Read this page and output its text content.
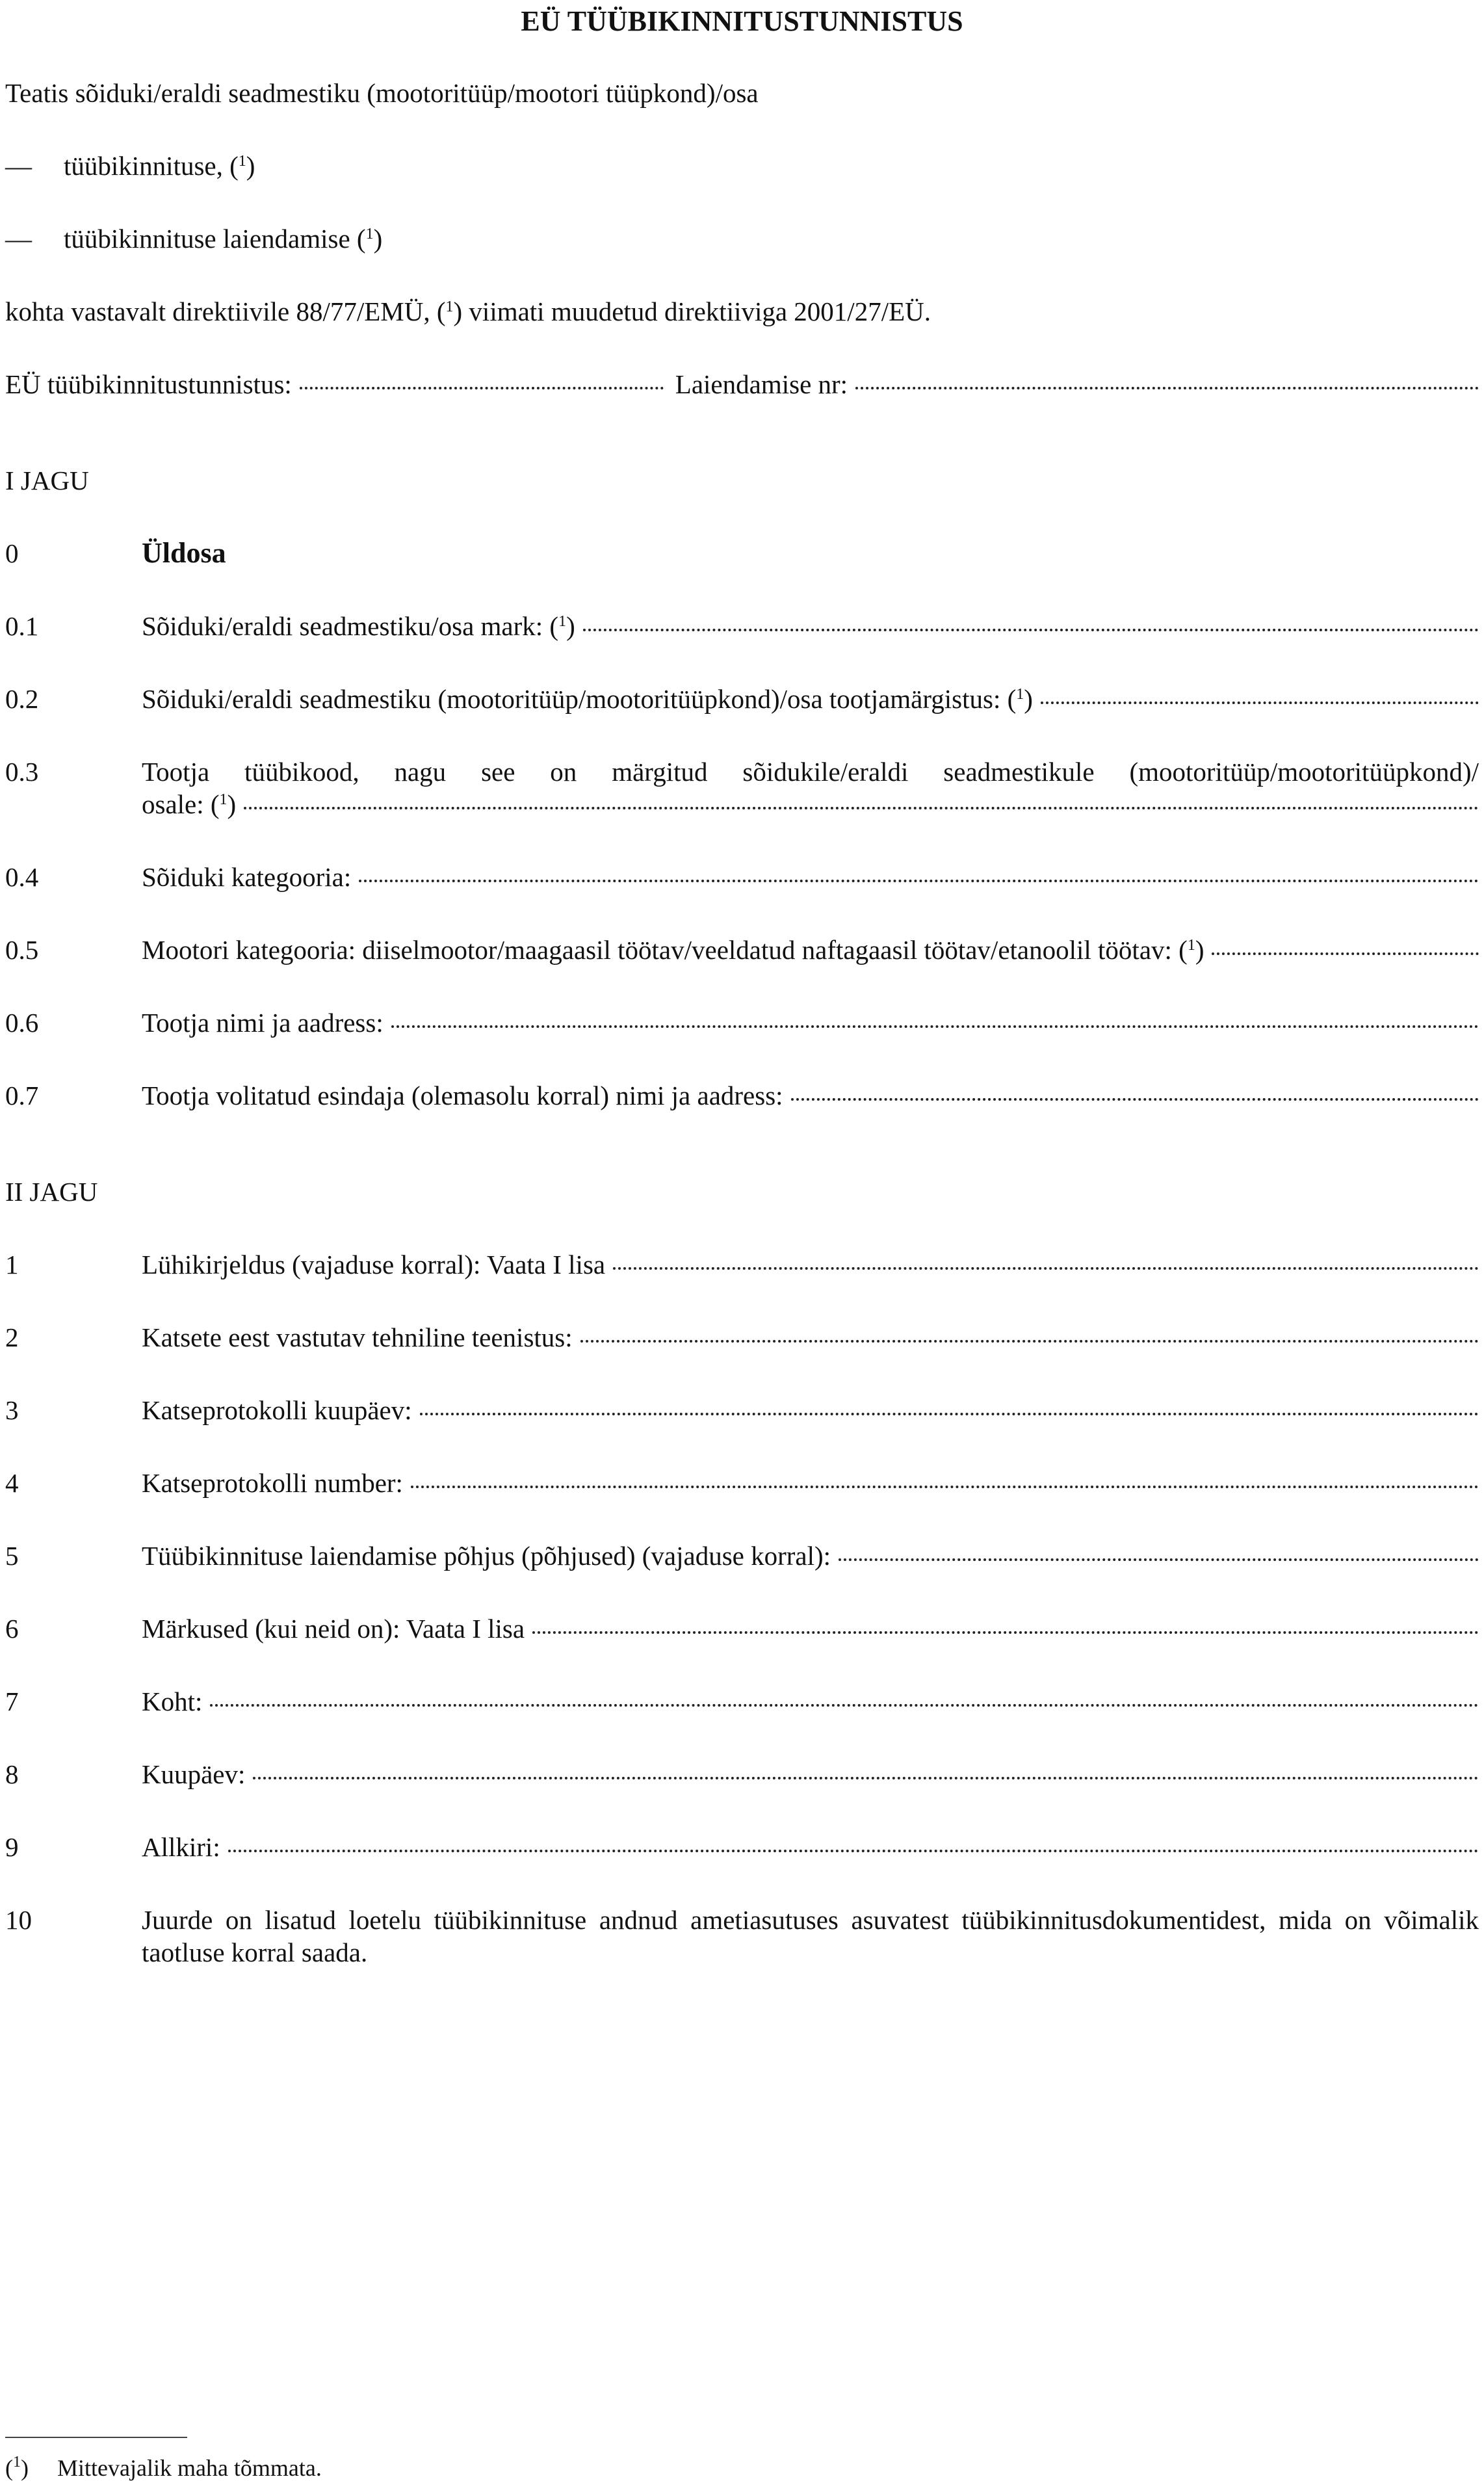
EÜ TÜÜBIKINNITUSTUNNISTUS
Teatis sõiduki/eraldi seadmestiku (mootoritüüp/mootori tüüpkond)/osa
— tüübikinnituse, ($^1$)
— tüübikinnituse laiendamise ($^1$)
kohta vastavalt direktiivile 88/77/EMÜ, ($^1$) viimati muudetud direktiiviga 2001/27/EÜ.
EÜ tüübikinnitustunnistus:	Laiendamise nr:
I JAGU
0	Üldosa
0.1	Sõiduki/eraldi seadmestiku/osa mark: ($^1$)
0.2	Sõiduki/eraldi seadmestiku (mootoritüüp/mootoritüüpkond)/osa tootjamärgistus: ($^1$)
0.3	Tootja tüübikood, nagu see on märgitud sõidukile/eraldi seadmestikule (mootoritüüp/mootoritüüpkond)/
osale: ($^1$)
0.4	Sõiduki kategooria:
0.5	Mootori kategooria: diiselmootor/maagaasil töötav/veeldatud naftagaasil töötav/etanoolil töötav: ($^1$)
0.6	Tootja nimi ja aadress:
0.7	Tootja volitatud esindaja (olemasolu korral) nimi ja aadress:
II JAGU
1	Lühikirjeldus (vajaduse korral): Vaata I lisa
2	Katsete eest vastutav tehniline teenistus:
3	Katseprotokolli kuupäev:
4	Katseprotokolli number:
5	Tüübikinnituse laiendamise põhjus (põhjused) (vajaduse korral):
6	Märkused (kui neid on): Vaata I lisa
7	Koht:
8	Kuupäev:
9	Allkiri:
10	Juurde on lisatud loetelu tüübikinnituse andnud ametiasutuses asuvatest tüübikinnitusdokumentidest, mida on võimalik taotluse korral saada.
($^1$) Mittevajalik maha tõmmata.
